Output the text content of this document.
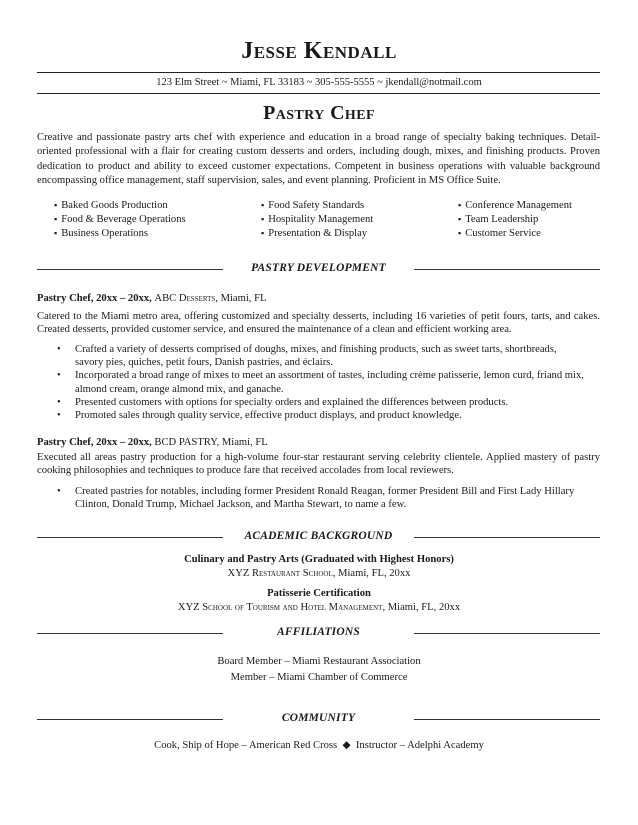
Jesse Kendall
123 Elm Street ~ Miami, FL 33183 ~ 305-555-5555 ~ jkendall@notmail.com
Pastry Chef

Creative and passionate pastry arts chef with experience and education in a broad range of specialty baking techniques. Detail-oriented professional with a flair for creating custom desserts and orders, including dough, mixes, and finishing products. Proven dedication to product and ability to exceed customer expectations. Competent in business operations with valuable background encompassing office management, staff supervision, sales, and event planning. Proficient in MS Office Suite.

▪ Baked Goods Production
▪ Food & Beverage Operations
▪ Business Operations
▪ Food Safety Standards
▪ Hospitality Management
▪ Presentation & Display
▪ Conference Management
▪ Team Leadership
▪ Customer Service
PASTRY DEVELOPMENT
Pastry Chef, 20xx – 20xx, ABC Desserts, Miami, FL

Catered to the Miami metro area, offering customized and specialty desserts, including 16 varieties of petit fours, tarts, and cakes. Created desserts, provided customer service, and ensured the maintenance of a clean and efficient working area.

• Crafted a variety of desserts comprised of doughs, mixes, and finishing products, such as sweet tarts, shortbreads, savory pies, quiches, petit fours, Danish pastries, and éclairs.
• Incorporated a broad range of mixes to meet an assortment of tastes, including crème patisserie, lemon curd, friand mix, almond cream, orange almond mix, and ganache.
• Presented customers with options for specialty orders and explained the differences between products.
• Promoted sales through quality service, effective product displays, and product knowledge.
Pastry Chef, 20xx – 20xx, BCD PASTRY, Miami, FL

Executed all areas pastry production for a high-volume four-star restaurant serving celebrity clientele. Applied mastery of pastry cooking philosophies and techniques to produce fare that received accolades from local reviewers.

• Created pastries for notables, including former President Ronald Reagan, former President Bill and First Lady Hillary Clinton, Donald Trump, Michael Jackson, and Martha Stewart, to name a few.
ACADEMIC BACKGROUND
Culinary and Pastry Arts (Graduated with Highest Honors)
XYZ Restaurant School, Miami, FL, 20xx
Patisserie Certification
XYZ School of Tourism and Hotel Management, Miami, FL, 20xx
AFFILIATIONS
Board Member – Miami Restaurant Association
Member – Miami Chamber of Commerce
COMMUNITY
Cook, Ship of Hope – American Red Cross  ◆  Instructor – Adelphi Academy
